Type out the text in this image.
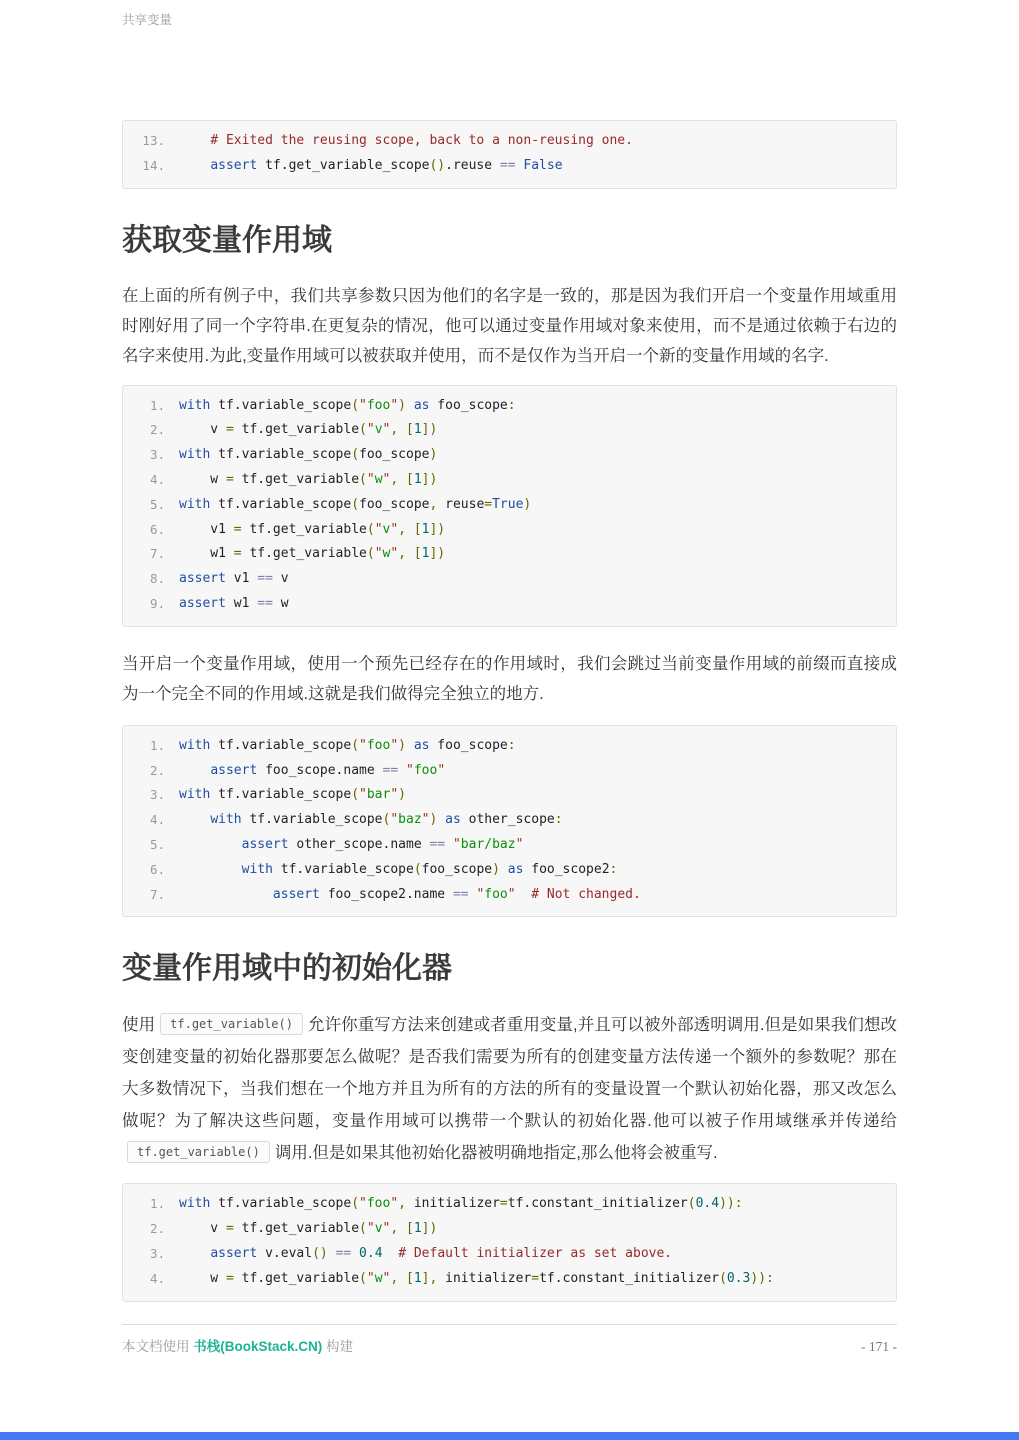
共享变量
13.	# Exited the reusing scope, back to a non-reusing one.
14.	assert tf.get_variable_scope().reuse == False
获取变量作用域

在上面的所有例子中，我们共享参数只因为他们的名字是一致的，那是因为我们开启一个变量作用域重用时刚好用了同一个字符串.在更复杂的情况，他可以通过变量作用域对象来使用，而不是通过依赖于右边的名字来使用.为此,变量作用域可以被获取并使用，而不是仅作为当开启一个新的变量作用域的名字.

1. with tf.variable_scope("foo") as foo_scope:
2. v = tf.get_variable("v", [1])
3. with tf.variable_scope(foo_scope)
4. w = tf.get_variable("w", [1])
5. with tf.variable_scope(foo_scope, reuse=True)
6. v1 = tf.get_variable("v", [1])
7. w1 = tf.get_variable("w", [1])
8. assert v1 == v
9. assert w1 == w

当开启一个变量作用域，使用一个预先已经存在的作用域时，我们会跳过当前变量作用域的前缀而直接成为一个完全不同的作用域.这就是我们做得完全独立的地方.

1. with tf.variable_scope("foo") as foo_scope:
2.	assert foo_scope.name == "foo"
3. with tf.variable_scope("bar")
4.	with tf.variable_scope("baz") as other_scope:
5.	assert other_scope.name == "bar/baz"
6.	with tf.variable_scope(foo_scope) as foo_scope2:
7.	assert foo_scope2.name == "foo" # Not changed.
变量作用域中的初始化器

使用 tf.get_variable() 允许你重写方法来创建或者重用变量,并且可以被外部透明调用.但是如果我们想改变创建变量的初始化器那要怎么做呢？是否我们需要为所有的创建变量方法传递一个额外的参数呢？那在大多数情况下，当我们想在一个地方并且为所有的方法的所有的变量设置一个默认初始化器，那又改怎么做呢？为了解决这些问题，变量作用域可以携带一个默认的初始化器.他可以被子作用域继承并传递给tf.get_variable() 调用.但是如果其他初始化器被明确地指定,那么他将会被重写.

1. with tf.variable_scope("foo", initializer=tf.constant_initializer(0.4)):
2. v = tf.get_variable("v", [1])
3.	assert v.eval() == 0.4 # Default initializer as set above.
4. w = tf.get_variable("w", [1], initializer=tf.constant_initializer(0.3)):
本文档使用 书栈(BookStack.CN) 构建	- 171 -
